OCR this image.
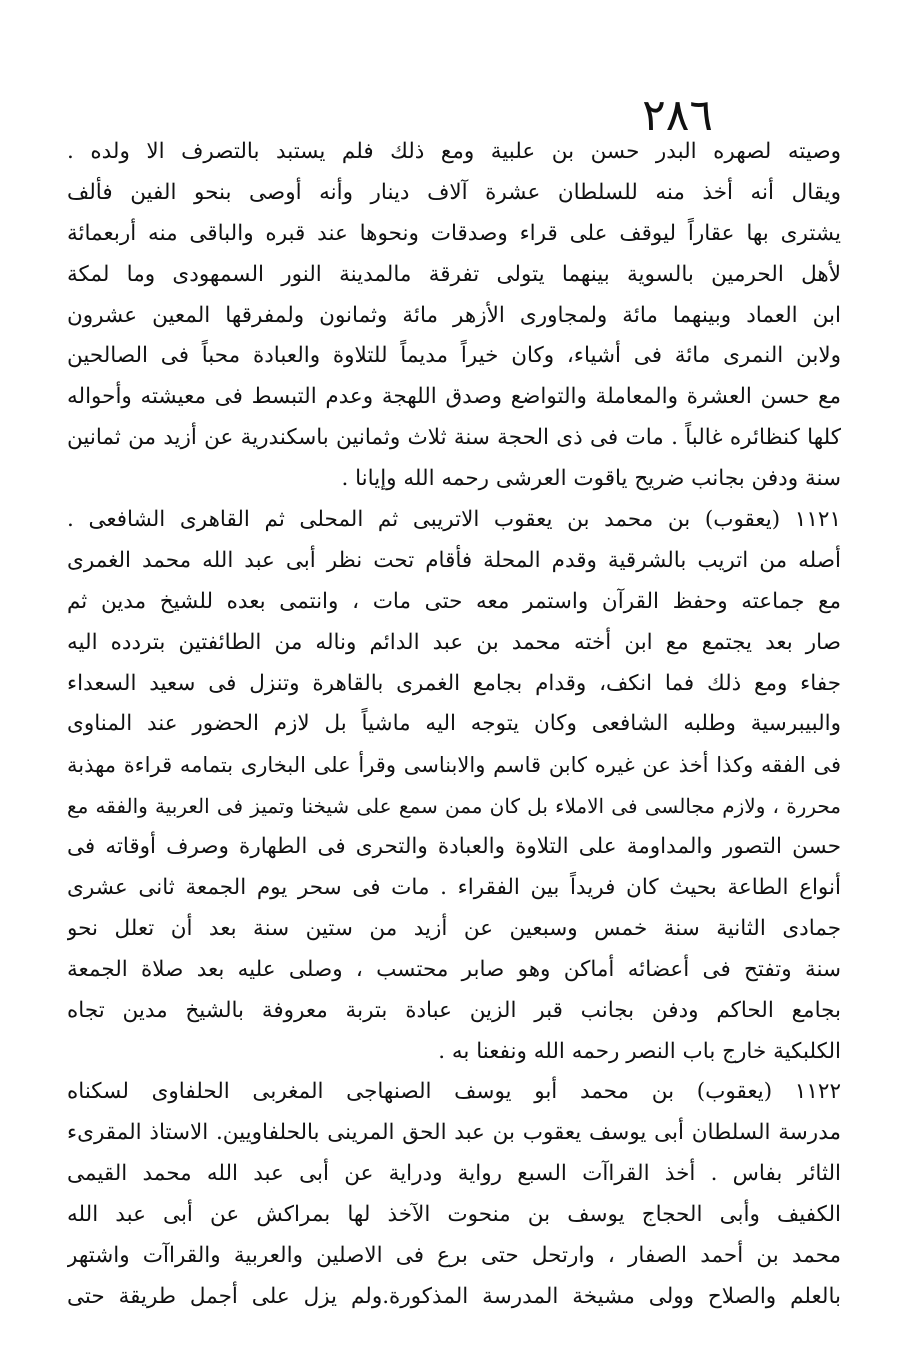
٢٨٦
وصيته لصهره البدر حسن بن علبية ومع ذلك فلم يستبد بالتصرف الا ولده .
ويقال أنه أخذ منه للسلطان عشرة آلاف دينار وأنه أوصى بنحو الفين فألف
يشترى بها عقاراً ليوقف على قراء وصدقات ونحوها عند قبره والباقى منه أربعمائة
لأهل الحرمين بالسوية بينهما يتولى تفرقة مالمدينة النور السمهودى وما لمكة
ابن العماد وبينهما مائة ولمجاورى الأزهر مائة وثمانون ولمفرقها المعين عشرون
ولابن النمرى مائة فى أشياء، وكان خيراً مديماً للتلاوة والعبادة محباً فى الصالحين
مع حسن العشرة والمعاملة والتواضع وصدق اللهجة وعدم التبسط فى معيشته وأحواله
كلها كنظائره غالباً . مات فى ذى الحجة سنة ثلاث وثمانين باسكندرية عن أزيد من ثمانين
سنة ودفن بجانب ضريح ياقوت العرشى رحمه الله وإيانا .
١١٢١ (يعقوب) بن محمد بن يعقوب الاتريبى ثم المحلى ثم القاهرى الشافعى .
أصله من اتريب بالشرقية وقدم المحلة فأقام تحت نظر أبى عبد الله محمد الغمرى
مع جماعته وحفظ القرآن واستمر معه حتى مات ، وانتمى بعده للشيخ مدين ثم
صار بعد يجتمع مع ابن أخته محمد بن عبد الدائم وناله من الطائفتين بتردده اليه
جفاء ومع ذلك فما انكف، وقدام بجامع الغمرى بالقاهرة وتنزل فى سعيد السعداء
والبيبرسية وطلبه الشافعى وكان يتوجه اليه ماشياً بل لازم الحضور عند المناوى
فى الفقه وكذا أخذ عن غيره كابن قاسم والابناسى وقرأ على البخارى بتمامه قراءة مهذبة
محررة ، ولازم مجالسى فى الاملاء بل كان ممن سمع على شيخنا وتميز فى العربية والفقه مع
حسن التصور والمداومة على التلاوة والعبادة والتحرى فى الطهارة وصرف أوقاته فى
أنواع الطاعة بحيث كان فريداً بين الفقراء . مات فى سحر يوم الجمعة ثانى عشرى
جمادى الثانية سنة خمس وسبعين عن أزيد من ستين سنة بعد أن تعلل نحو
سنة وتفتح فى أعضائه أماكن وهو صابر محتسب ، وصلى عليه بعد صلاة الجمعة
بجامع الحاكم ودفن بجانب قبر الزين عبادة بتربة معروفة بالشيخ مدين تجاه
الكلبكية خارج باب النصر رحمه الله ونفعنا به .
١١٢٢ (يعقوب) بن محمد أبو يوسف الصنهاجى المغربى الحلفاوى لسكناه
مدرسة السلطان أبى يوسف يعقوب بن عبد الحق المرينى بالحلفاويين. الاستاذ المقرىء
الثائر بفاس . أخذ القراآت السبع رواية ودراية عن أبى عبد الله محمد القيمى
الكفيف وأبى الحجاج يوسف بن منحوت الآخذ لها بمراكش عن أبى عبد الله
محمد بن أحمد الصفار ، وارتحل حتى برع فى الاصلين والعربية والقراآت واشتهر
بالعلم والصلاح وولى مشيخة المدرسة المذكورة.ولم يزل على أجمل طريقة حتى
